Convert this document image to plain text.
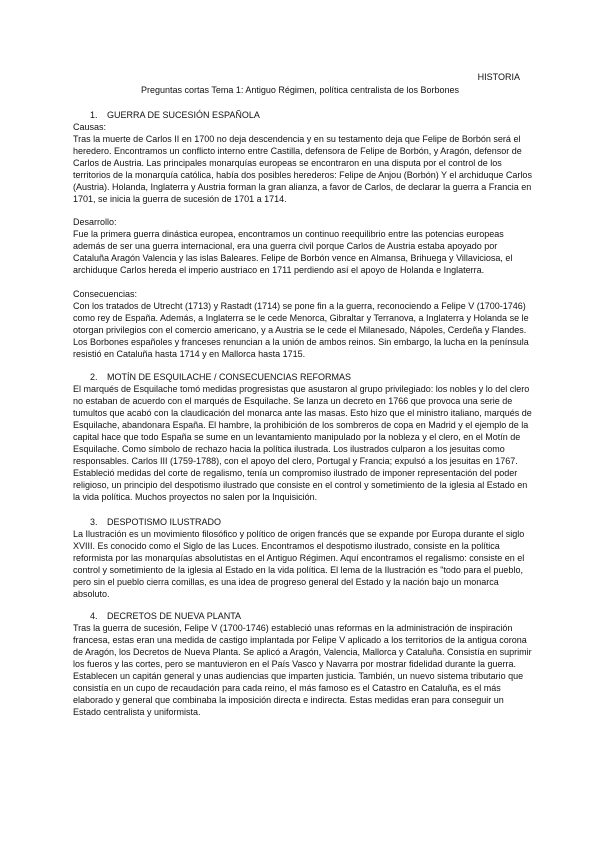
HISTORIA
Preguntas cortas Tema 1: Antiguo Régimen, política centralista de los Borbones
1. GUERRA DE SUCESIÓN ESPAÑOLA

Causas:

Tras la muerte de Carlos II en 1700 no deja descendencia y en su testamento deja que Felipe de Borbón será el heredero. Encontramos un conflicto interno entre Castilla, defensora de Felipe de Borbón, y Aragón, defensor de Carlos de Austria. Las principales monarquías europeas se encontraron en una disputa por el control de los territorios de la monarquía católica, había dos posibles herederos: Felipe de Anjou (Borbón) Y el archiduque Carlos (Austria). Holanda, Inglaterra y Austria forman la gran alianza, a favor de Carlos, de declarar la guerra a Francia en 1701, se inicia la guerra de sucesión de 1701 a 1714.

Desarrollo:

Fue la primera guerra dinástica europea, encontramos un continuo reequilibrio entre las potencias europeas además de ser una guerra internacional, era una guerra civil porque Carlos de Austria estaba apoyado por Cataluña Aragón Valencia y las islas Baleares. Felipe de Borbón vence en Almansa, Brihuega y Villaviciosa, el archiduque Carlos hereda el imperio austriaco en 1711 perdiendo así el apoyo de Holanda e Inglaterra.

Consecuencias:

Con los tratados de Utrecht (1713) y Rastadt (1714) se pone fin a la guerra, reconociendo a Felipe V (1700-1746) como rey de España. Además, a Inglaterra se le cede Menorca, Gibraltar y Terranova, a Inglaterra y Holanda se le otorgan privilegios con el comercio americano, y a Austria se le cede el Milanesado, Nápoles, Cerdeña y Flandes. Los Borbones españoles y franceses renuncian a la unión de ambos reinos. Sin embargo, la lucha en la península resistió en Cataluña hasta 1714 y en Mallorca hasta 1715.

2. MOTÍN DE ESQUILACHE / CONSECUENCIAS REFORMAS

El marqués de Esquilache tomó medidas progresistas que asustaron al grupo privilegiado: los nobles y lo del clero no estaban de acuerdo con el marqués de Esquilache. Se lanza un decreto en 1766 que provoca una serie de tumultos que acabó con la claudicación del monarca ante las masas. Esto hizo que el ministro italiano, marqués de Esquilache, abandonara España. El hambre, la prohibición de los sombreros de copa en Madrid y el ejemplo de la capital hace que todo España se sume en un levantamiento manipulado por la nobleza y el clero, en el Motín de Esquilache. Como símbolo de rechazo hacia la política ilustrada. Los ilustrados culparon a los jesuitas como responsables. Carlos III (1759-1788), con el apoyo del clero, Portugal y Francia; expulsó a los jesuitas en 1767. Estableció medidas del corte de regalismo, tenía un compromiso ilustrado de imponer representación del poder religioso, un principio del despotismo ilustrado que consiste en el control y sometimiento de la iglesia al Estado en la vida política. Muchos proyectos no salen por la Inquisición.

3. DESPOTISMO ILUSTRADO

La Ilustración es un movimiento filosófico y político de origen francés que se expande por Europa durante el siglo XVIII. Es conocido como el Siglo de las Luces. Encontramos el despotismo ilustrado, consiste en la política reformista por las monarquías absolutistas en el Antiguo Régimen. Aquí encontramos el regalismo: consiste en el control y sometimiento de la iglesia al Estado en la vida política. El lema de la Ilustración es "todo para el pueblo, pero sin el pueblo cierra comillas, es una idea de progreso general del Estado y la nación bajo un monarca absoluto.

4. DECRETOS DE NUEVA PLANTA

Tras la guerra de sucesión, Felipe V (1700-1746) estableció unas reformas en la administración de inspiración francesa, estas eran una medida de castigo implantada por Felipe V aplicado a los territorios de la antigua corona de Aragón, los Decretos de Nueva Planta. Se aplicó a Aragón, Valencia, Mallorca y Cataluña. Consistía en suprimir los fueros y las cortes, pero se mantuvieron en el País Vasco y Navarra por mostrar fidelidad durante la guerra. Establecen un capitán general y unas audiencias que imparten justicia. También, un nuevo sistema tributario que consistía en un cupo de recaudación para cada reino, el más famoso es el Catastro en Cataluña, es el más elaborado y general que combinaba la imposición directa e indirecta. Estas medidas eran para conseguir un Estado centralista y uniformista.
